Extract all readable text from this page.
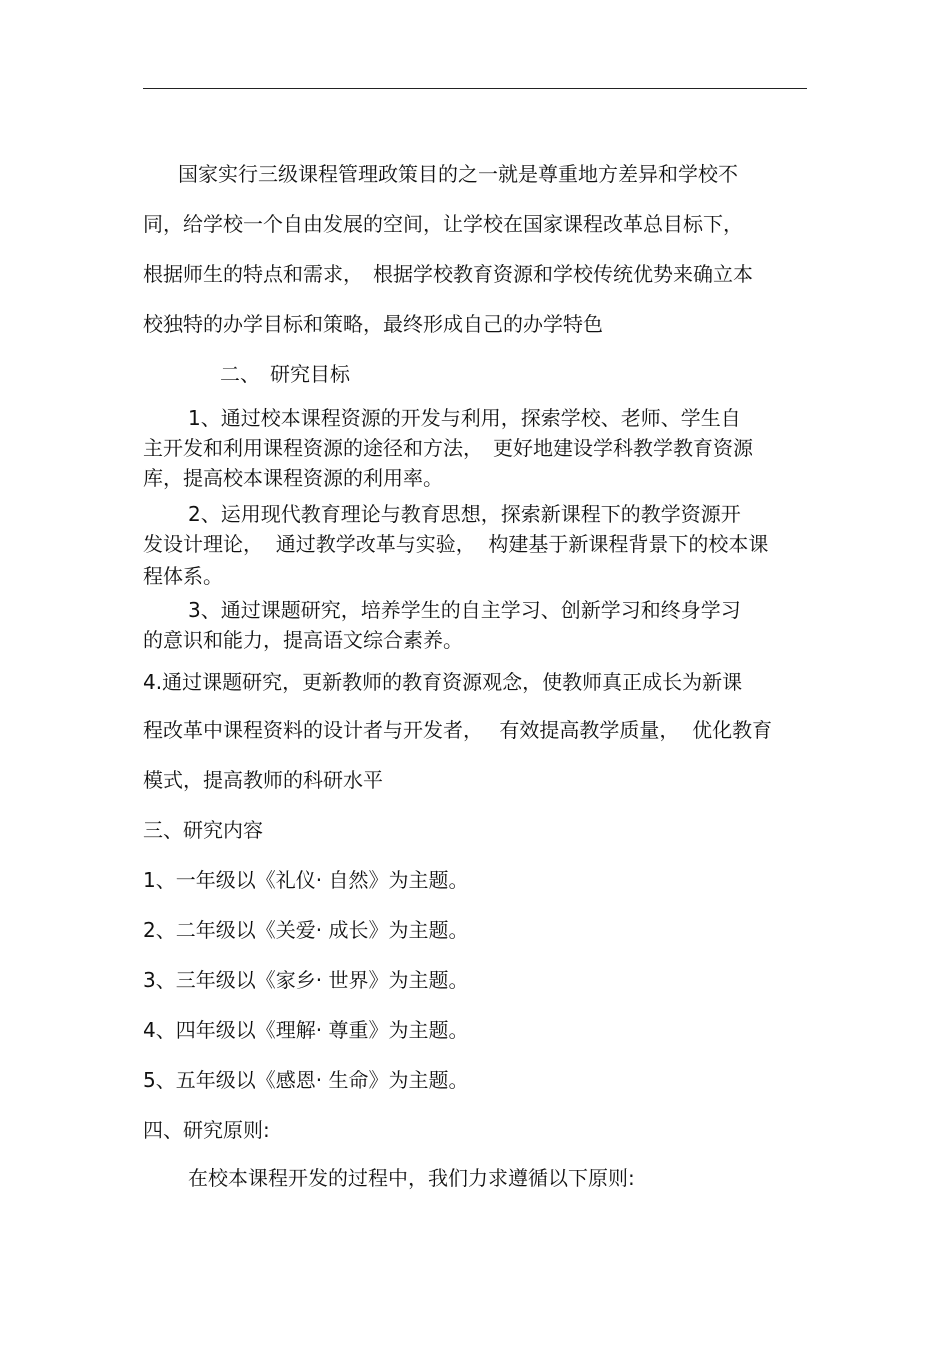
国家实行三级课程管理政策目的之一就是尊重地方差异和学校不
同，给学校一个自由发展的空间，让学校在国家课程改革总目标下，
根据师生的特点和需求，　根据学校教育资源和学校传统优势来确立本
校独特的办学目标和策略，最终形成自己的办学特色
二、　研究目标
1、通过校本课程资源的开发与利用，探索学校、老师、学生自
主开发和利用课程资源的途径和方法，　更好地建设学科教学教育资源
库，提高校本课程资源的利用率。
2、运用现代教育理论与教育思想，探索新课程下的教学资源开
发设计理论，  通过教学改革与实验，  构建基于新课程背景下的校本课
程体系。
3、通过课题研究，培养学生的自主学习、创新学习和终身学习
的意识和能力，提高语文综合素养。
4.通过课题研究，更新教师的教育资源观念，使教师真正成长为新课
程改革中课程资料的设计者与开发者，　 有效提高教学质量，  优化教育
模式，提高教师的科研水平
三、研究内容
1、一年级以《礼仪· 自然》为主题。
2、二年级以《关爱· 成长》为主题。
3、三年级以《家乡· 世界》为主题。
4、四年级以《理解· 尊重》为主题。
5、五年级以《感恩· 生命》为主题。
四、研究原则:
在校本课程开发的过程中，我们力求遵循以下原则:
